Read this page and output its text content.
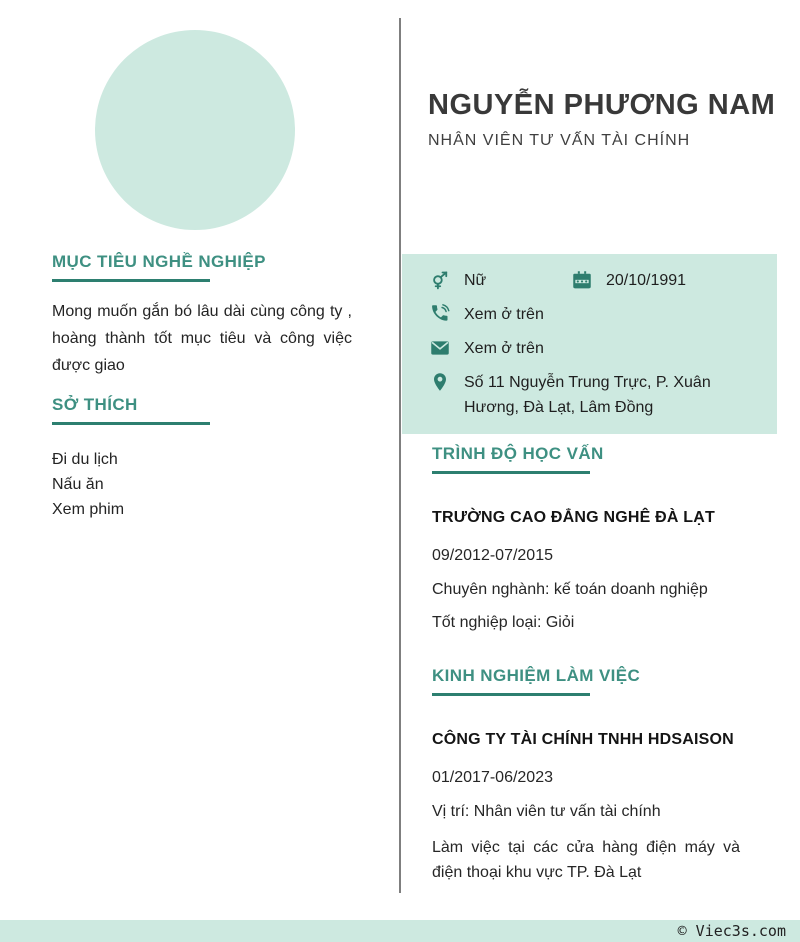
NGUYỄN PHƯƠNG NAM
NHÂN VIÊN TƯ VẤN TÀI CHÍNH
Nữ	20/10/1991
Xem ở trên
Xem ở trên
Số 11 Nguyễn Trung Trực, P. Xuân Hương, Đà Lạt, Lâm Đồng
MỤC TIÊU NGHỀ NGHIỆP

Mong muốn gắn bó lâu dài cùng công ty , hoàng thành tốt mục tiêu và công việc được giao

SỞ THÍCH
Đi du lịch
Nấu ăn
Xem phim
TRÌNH ĐỘ HỌC VẤN
TRƯỜNG CAO ĐẲNG NGHÊ ĐÀ LẠT

09/2012-07/2015

Chuyên nghành: kế toán doanh nghiệp

Tốt nghiệp loại: Giỏi

KINH NGHIỆM LÀM VIỆC
CÔNG TY TÀI CHÍNH TNHH HDSAISON

01/2017-06/2023

Vị trí: Nhân viên tư vấn tài chính

Làm việc tại các cửa hàng điện máy và điện thoại khu vực TP. Đà Lạt

© Viec3s.com
